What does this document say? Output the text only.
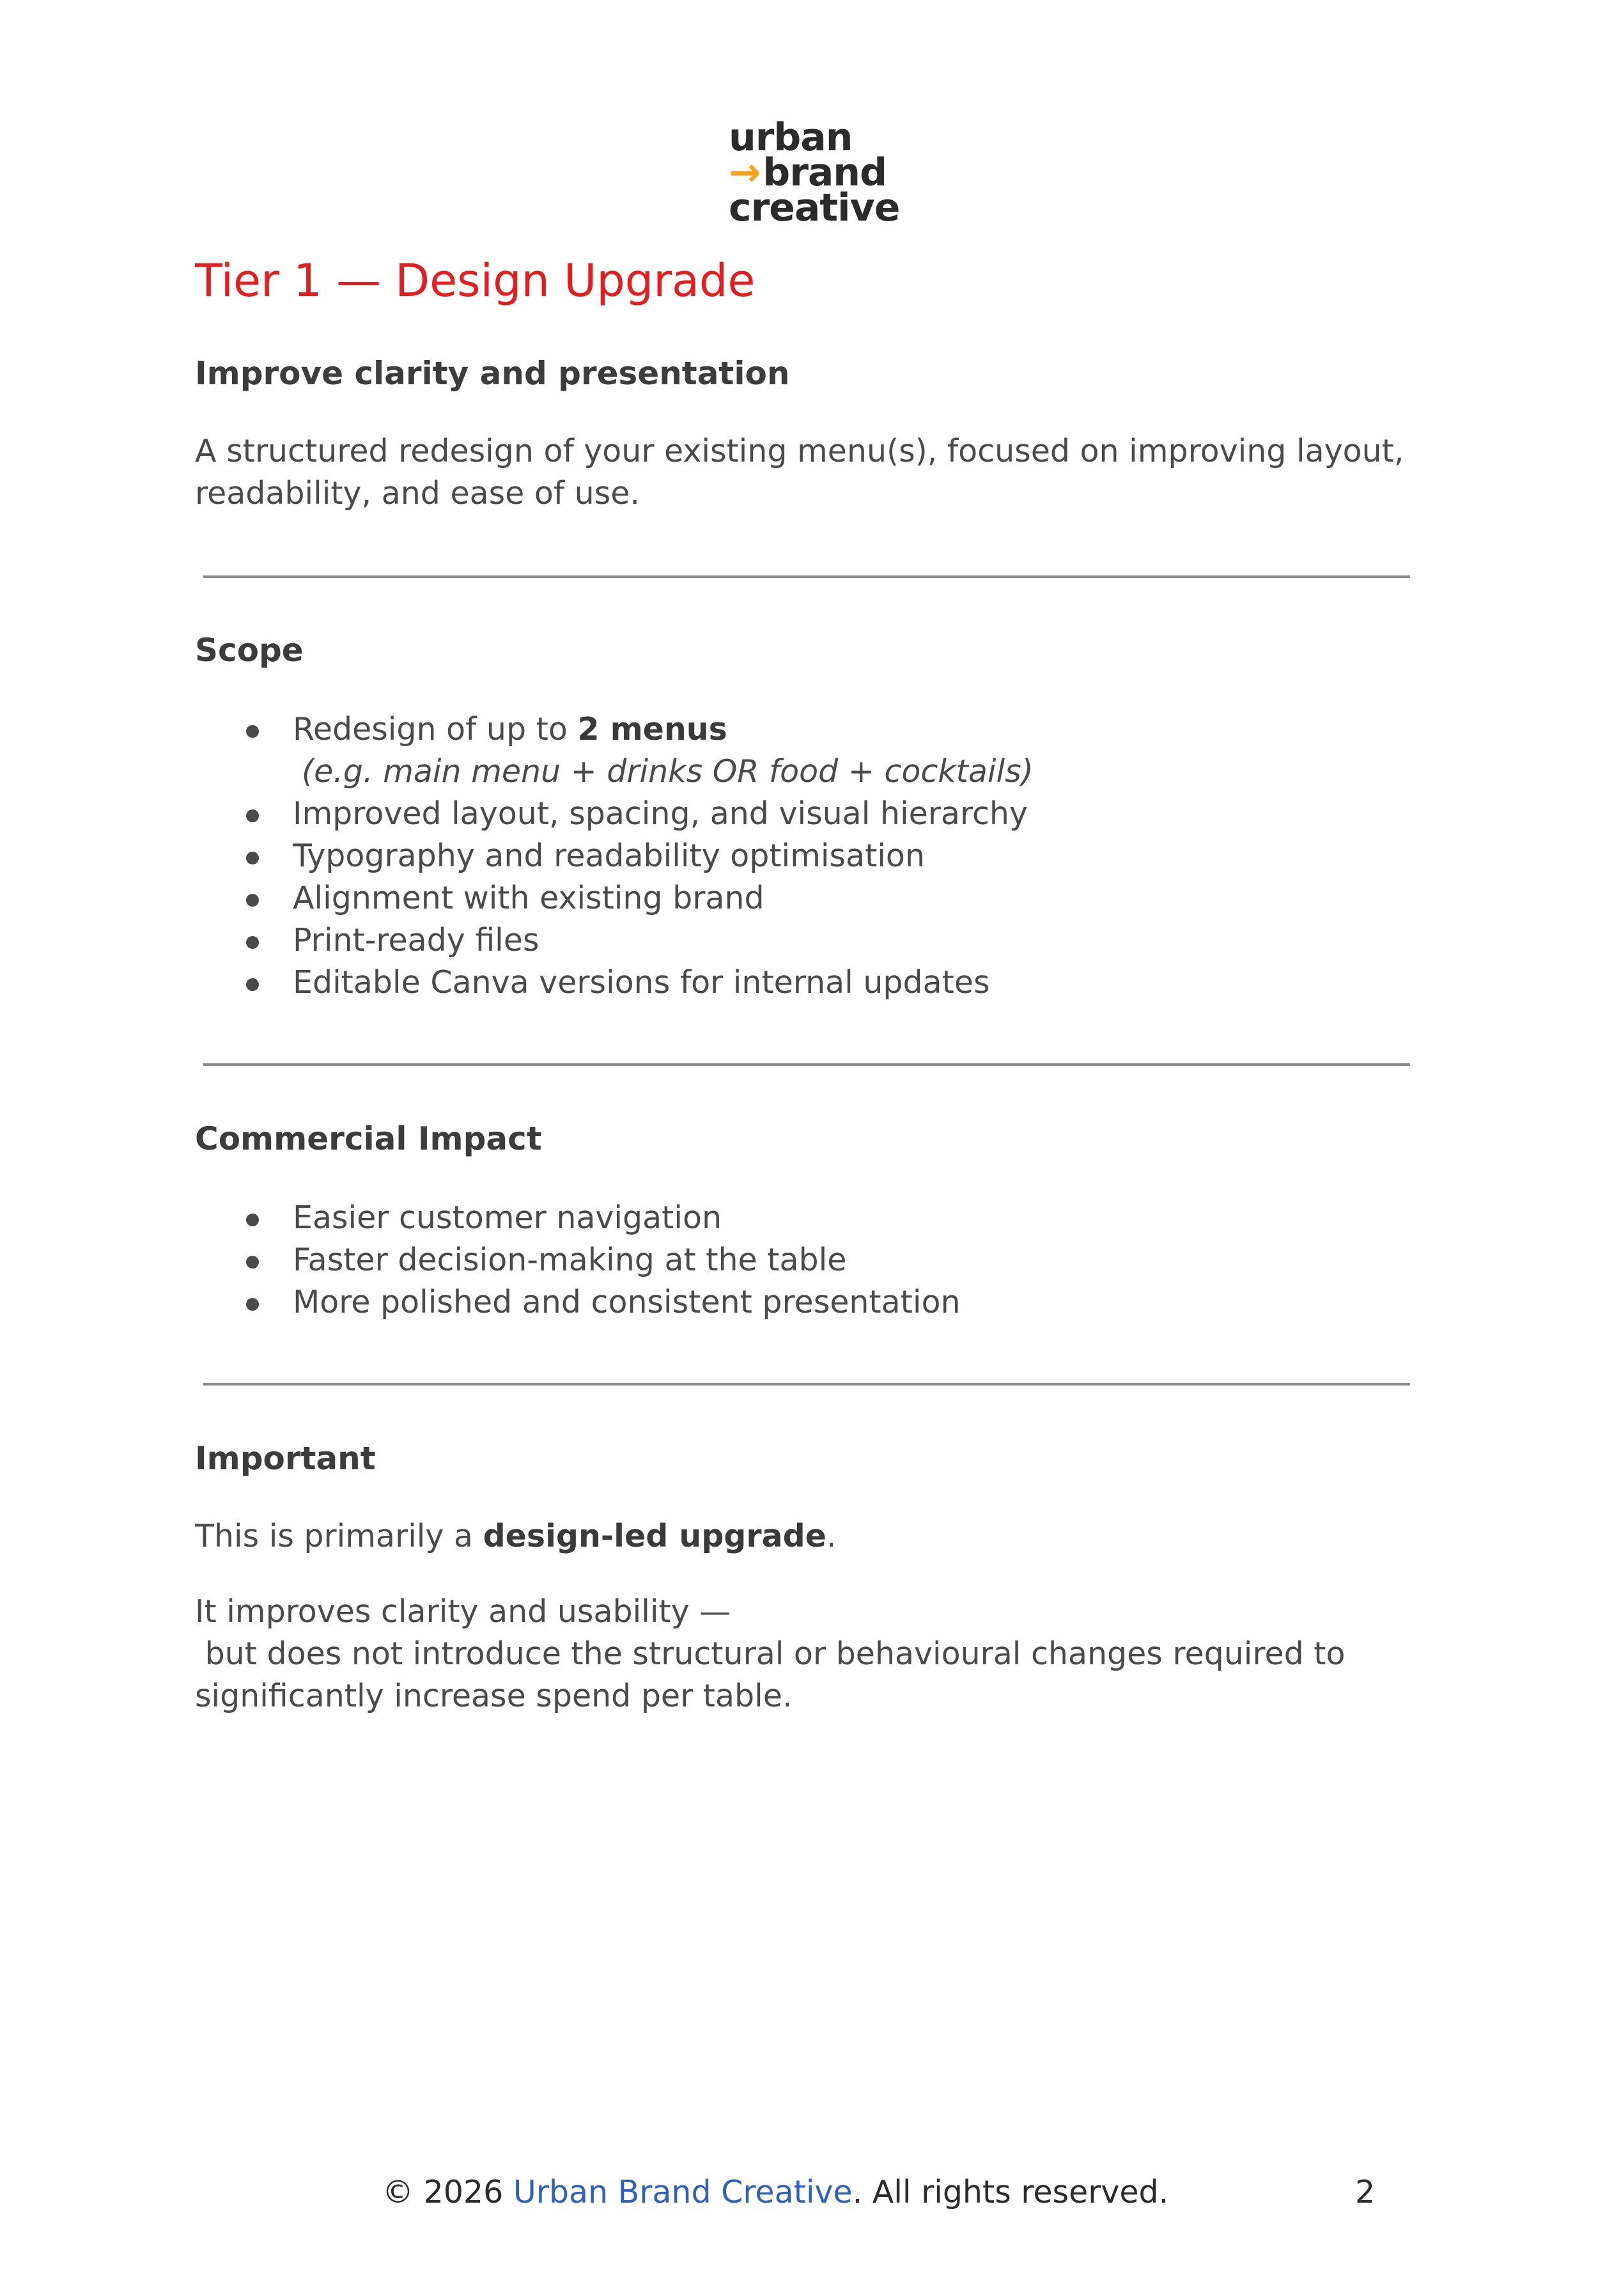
urban
→brand
creative
Tier 1 — Design Upgrade
Improve clarity and presentation
A structured redesign of your existing menu(s), focused on improving layout, readability, and ease of use.
Scope
Redesign of up to 2 menus
(e.g. main menu + drinks OR food + cocktails)
Improved layout, spacing, and visual hierarchy
Typography and readability optimisation
Alignment with existing brand
Print-ready files
Editable Canva versions for internal updates
Commercial Impact
Easier customer navigation
Faster decision-making at the table
More polished and consistent presentation
Important
This is primarily a design-led upgrade.
It improves clarity and usability —
but does not introduce the structural or behavioural changes required to significantly increase spend per table.
© 2026 Urban Brand Creative. All rights reserved.	2
